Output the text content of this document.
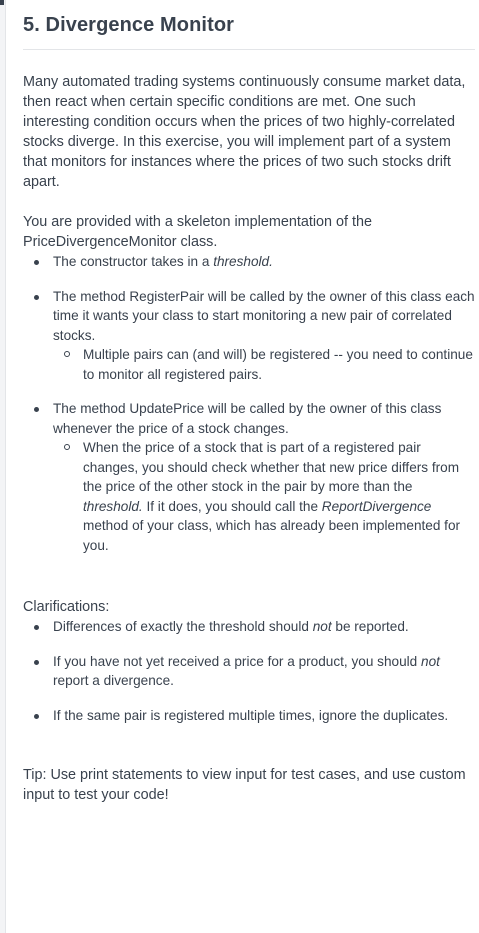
5. Divergence Monitor

Many automated trading systems continuously consume market data, then react when certain specific conditions are met. One such interesting condition occurs when the prices of two highly-correlated stocks diverge. In this exercise, you will implement part of a system that monitors for instances where the prices of two such stocks drift apart.

You are provided with a skeleton implementation of the PriceDivergenceMonitor class.

The constructor takes in a threshold.
The method RegisterPair will be called by the owner of this class each time it wants your class to start monitoring a new pair of correlated stocks.
Multiple pairs can (and will) be registered -- you need to continue to monitor all registered pairs.
The method UpdatePrice will be called by the owner of this class whenever the price of a stock changes.
When the price of a stock that is part of a registered pair changes, you should check whether that new price differs from the price of the other stock in the pair by more than the threshold. If it does, you should call the ReportDivergence method of your class, which has already been implemented for you.

Clarifications:

Differences of exactly the threshold should not be reported.
If you have not yet received a price for a product, you should not report a divergence.
If the same pair is registered multiple times, ignore the duplicates.

Tip: Use print statements to view input for test cases, and use custom input to test your code!
